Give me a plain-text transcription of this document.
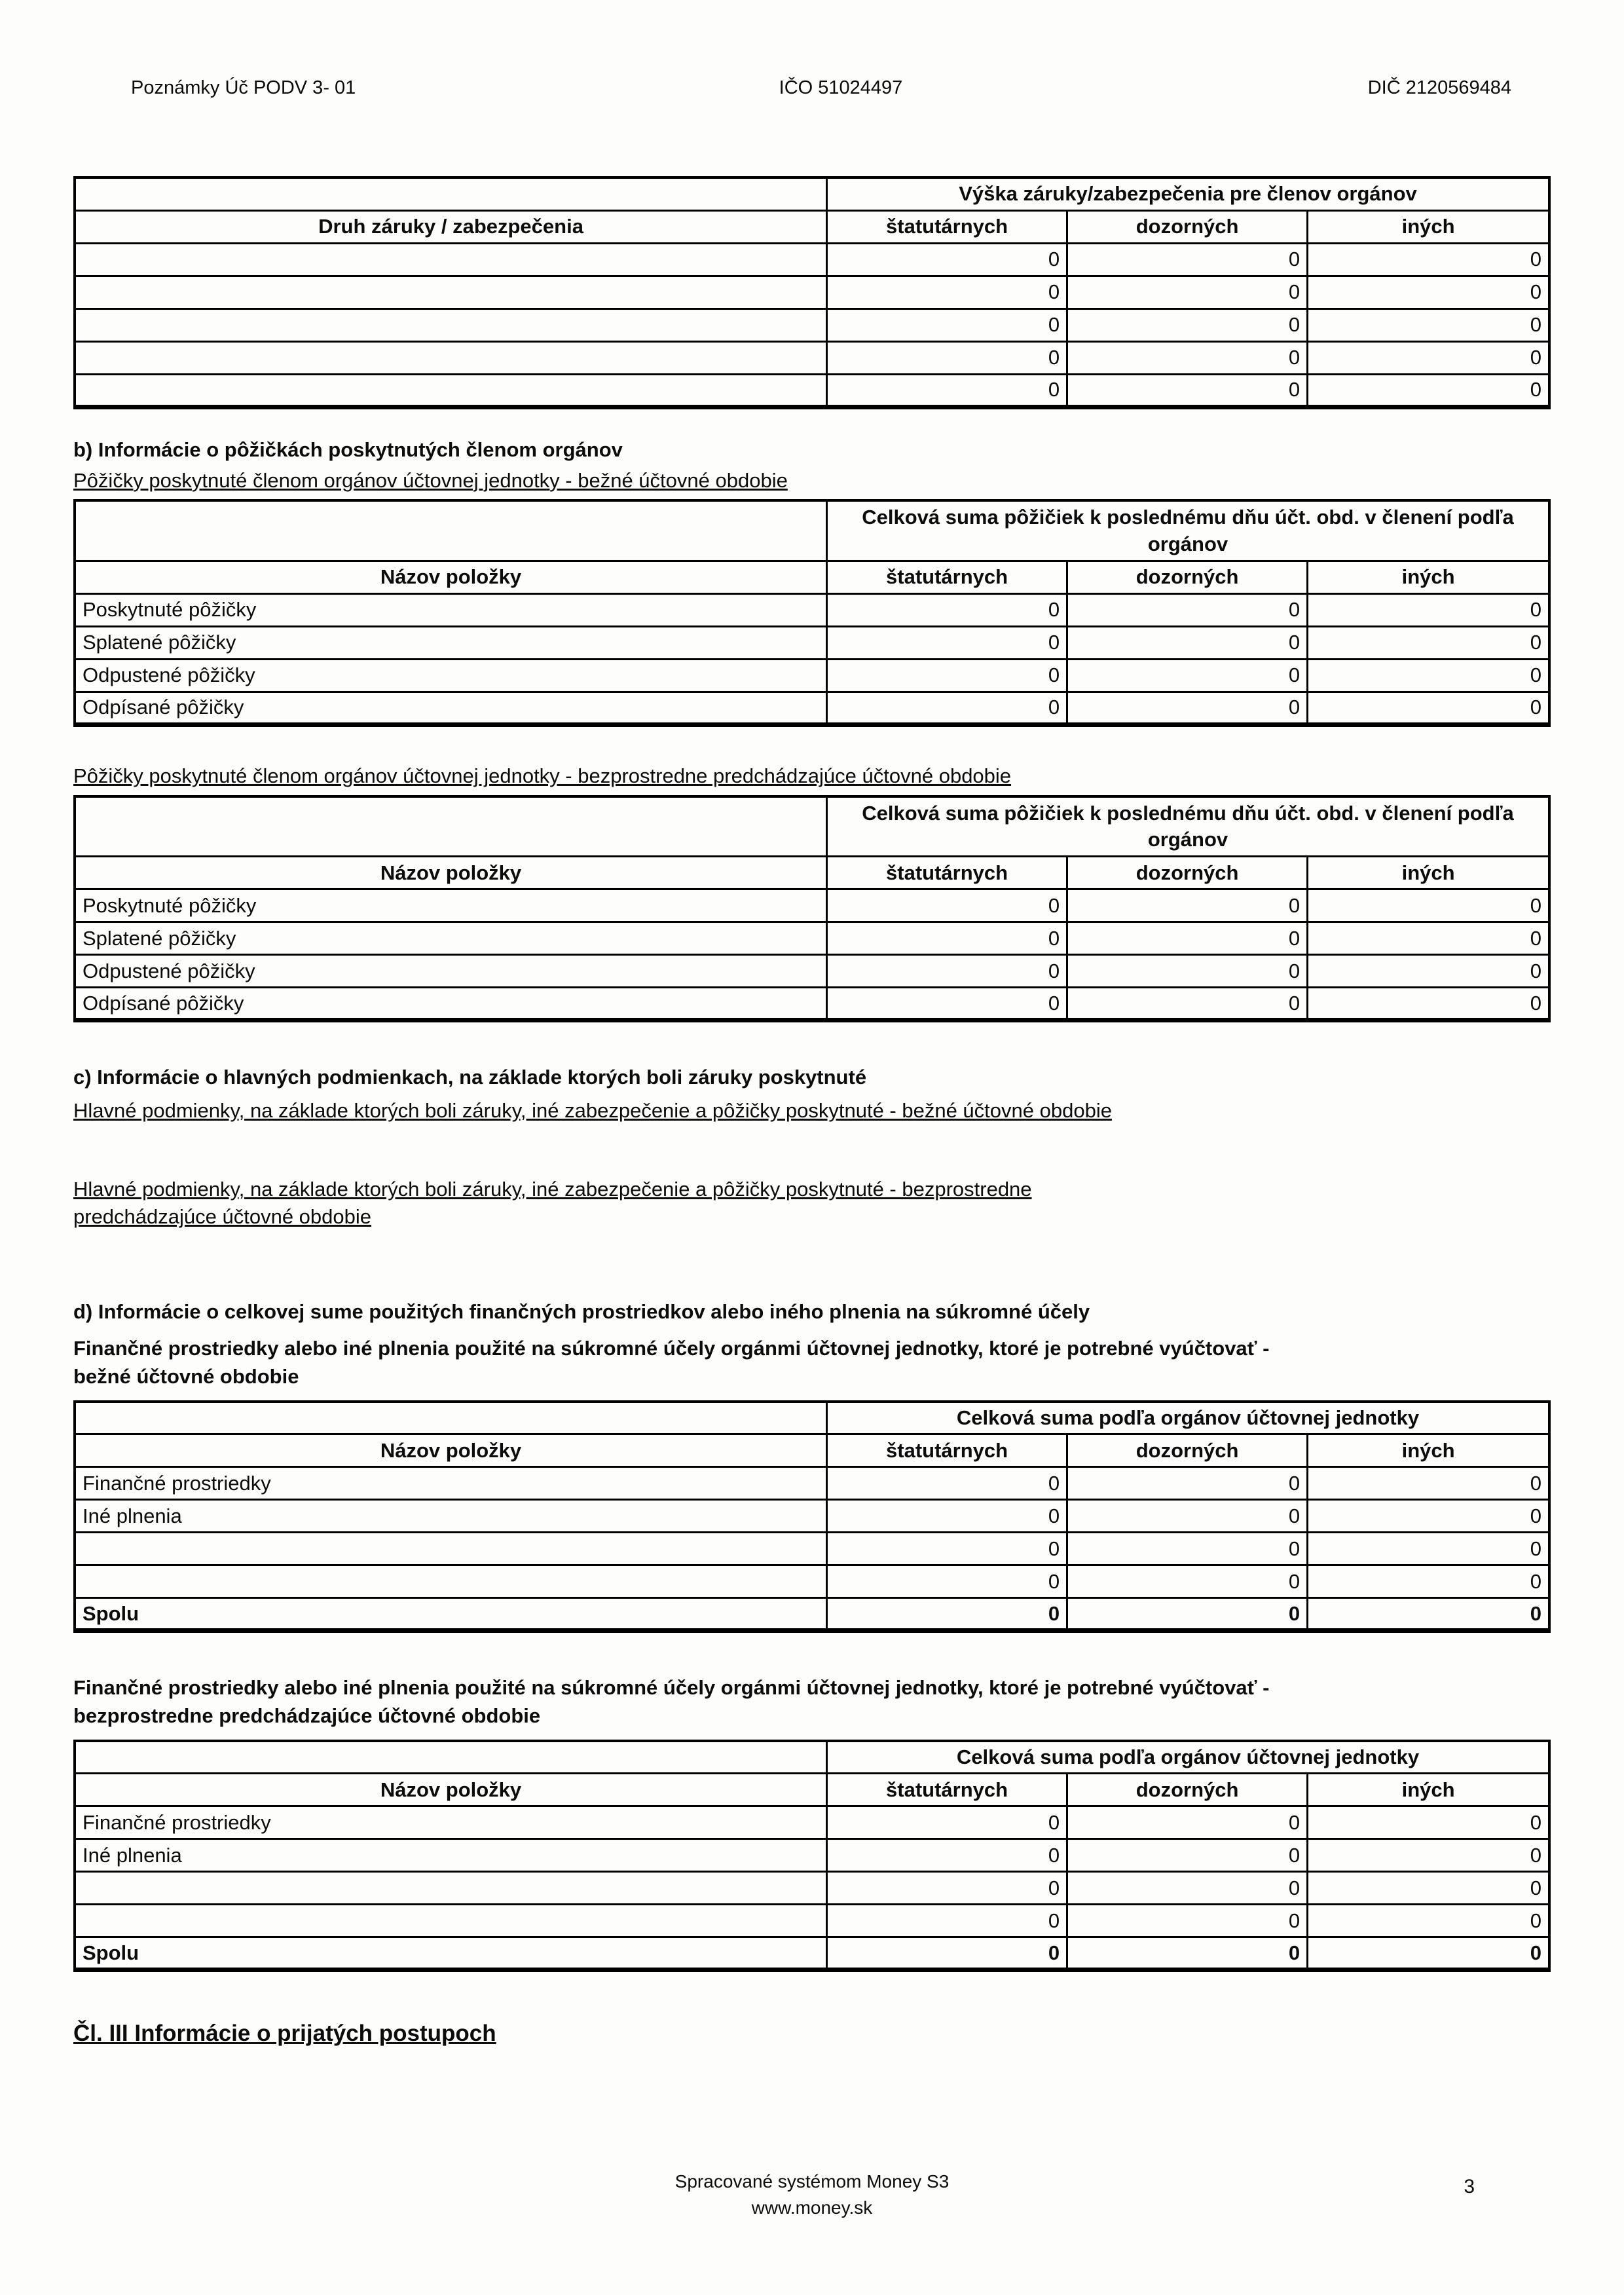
Poznámky Úč PODV 3- 01	IČO 51024497	DIČ 2120569484
	Výška záruky/zabezpečenia pre členov orgánov		
Druh záruky / zabezpečenia	štatutárnych	dozorných	iných
	0	0	0
	0	0	0
	0	0	0
	0	0	0
	0	0	0
b) Informácie o pôžičkách poskytnutých členom orgánov
Pôžičky poskytnuté členom orgánov účtovnej jednotky - bežné účtovné obdobie
	Celková suma pôžičiek k poslednému dňu účt. obd. v členení podľa orgánov		
Názov položky	štatutárnych	dozorných	iných
Poskytnuté pôžičky	0	0	0
Splatené pôžičky	0	0	0
Odpustené pôžičky	0	0	0
Odpísané pôžičky	0	0	0
Pôžičky poskytnuté členom orgánov účtovnej jednotky - bezprostredne predchádzajúce účtovné obdobie
	Celková suma pôžičiek k poslednému dňu účt. obd. v členení podľa orgánov		
Názov položky	štatutárnych	dozorných	iných
Poskytnuté pôžičky	0	0	0
Splatené pôžičky	0	0	0
Odpustené pôžičky	0	0	0
Odpísané pôžičky	0	0	0
c) Informácie o hlavných podmienkach, na základe ktorých boli záruky poskytnuté
Hlavné podmienky, na základe ktorých boli záruky, iné zabezpečenie a pôžičky poskytnuté - bežné účtovné obdobie
Hlavné podmienky, na základe ktorých boli záruky, iné zabezpečenie a pôžičky poskytnuté - bezprostredne predchádzajúce účtovné obdobie
d) Informácie o celkovej sume použitých finančných prostriedkov alebo iného plnenia na súkromné účely
Finančné prostriedky alebo iné plnenia použité na súkromné účely orgánmi účtovnej jednotky, ktoré je potrebné vyúčtovať - bežné účtovné obdobie
	Celková suma podľa orgánov účtovnej jednotky		
Názov položky	štatutárnych	dozorných	iných
Finančné prostriedky	0	0	0
Iné plnenia	0	0	0
	0	0	0
	0	0	0
Spolu	0	0	0
Finančné prostriedky alebo iné plnenia použité na súkromné účely orgánmi účtovnej jednotky, ktoré je potrebné vyúčtovať - bezprostredne predchádzajúce účtovné obdobie
	Celková suma podľa orgánov účtovnej jednotky		
Názov položky	štatutárnych	dozorných	iných
Finančné prostriedky	0	0	0
Iné plnenia	0	0	0
	0	0	0
	0	0	0
Spolu	0	0	0
Čl. III Informácie o prijatých postupoch
Spracované systémom Money S3
www.money.sk
3
